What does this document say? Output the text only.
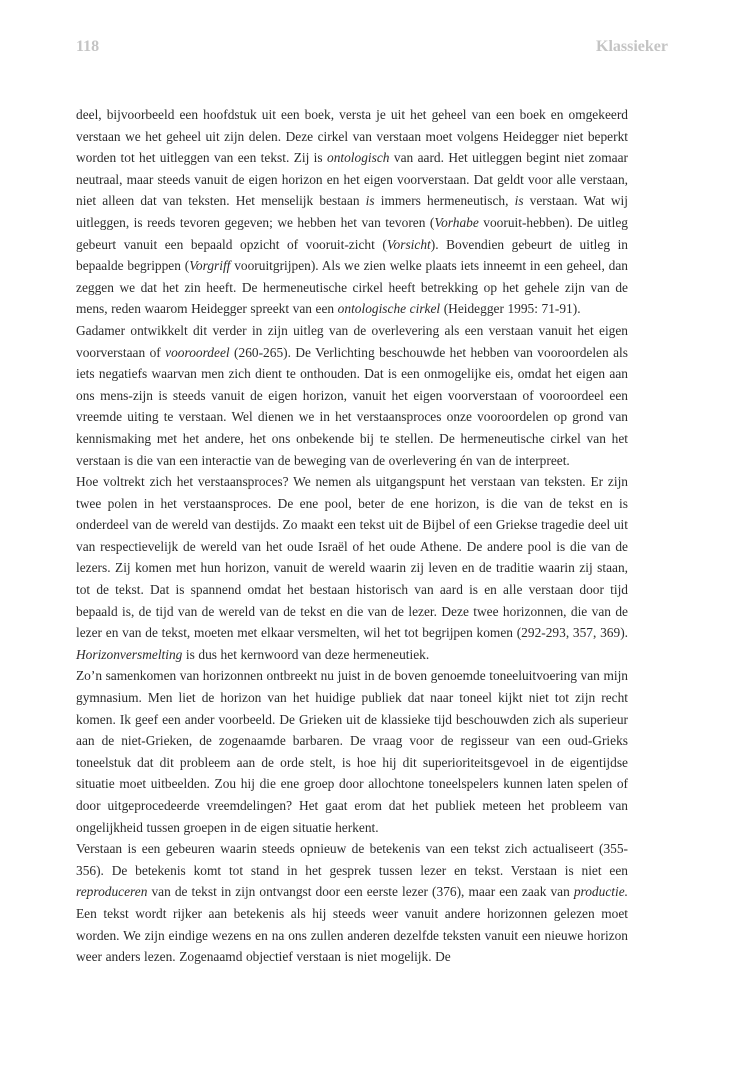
118	Klassieker

deel, bijvoorbeeld een hoofdstuk uit een boek, versta je uit het geheel van een boek en omgekeerd verstaan we het geheel uit zijn delen. Deze cirkel van verstaan moet volgens Heidegger niet beperkt worden tot het uitleggen van een tekst. Zij is ontologisch van aard. Het uitleggen begint niet zomaar neutraal, maar steeds vanuit de eigen horizon en het eigen voorverstaan. Dat geldt voor alle verstaan, niet alleen dat van teksten. Het menselijk bestaan is immers hermeneutisch, is verstaan. Wat wij uitleggen, is reeds tevoren gegeven; we hebben het van tevoren (Vorhabe vooruit-hebben). De uitleg gebeurt vanuit een bepaald opzicht of vooruit-zicht (Vorsicht). Bovendien gebeurt de uitleg in bepaalde begrippen (Vorgriff vooruitgrijpen). Als we zien welke plaats iets inneemt in een geheel, dan zeggen we dat het zin heeft. De hermeneutische cirkel heeft betrekking op het gehele zijn van de mens, reden waarom Heidegger spreekt van een ontologische cirkel (Heidegger 1995: 71-91).

Gadamer ontwikkelt dit verder in zijn uitleg van de overlevering als een verstaan vanuit het eigen voorverstaan of vooroordeel (260-265). De Verlichting beschouwde het hebben van vooroordelen als iets negatiefs waarvan men zich dient te onthouden. Dat is een onmogelijke eis, omdat het eigen aan ons mens-zijn is steeds vanuit de eigen horizon, vanuit het eigen voorverstaan of vooroordeel een vreemde uiting te verstaan. Wel dienen we in het verstaansproces onze vooroordelen op grond van kennismaking met het andere, het ons onbekende bij te stellen. De hermeneutische cirkel van het verstaan is die van een interactie van de beweging van de overlevering én van de interpreet.

Hoe voltrekt zich het verstaansproces? We nemen als uitgangspunt het verstaan van teksten. Er zijn twee polen in het verstaansproces. De ene pool, beter de ene horizon, is die van de tekst en is onderdeel van de wereld van destijds. Zo maakt een tekst uit de Bijbel of een Griekse tragedie deel uit van respectievelijk de wereld van het oude Israël of het oude Athene. De andere pool is die van de lezers. Zij komen met hun horizon, vanuit de wereld waarin zij leven en de traditie waarin zij staan, tot de tekst. Dat is spannend omdat het bestaan historisch van aard is en alle verstaan door tijd bepaald is, de tijd van de wereld van de tekst en die van de lezer. Deze twee horizonnen, die van de lezer en van de tekst, moeten met elkaar versmelten, wil het tot begrijpen komen (292-293, 357, 369). Horizonversmelting is dus het kernwoord van deze hermeneutiek.

Zo’n samenkomen van horizonnen ontbreekt nu juist in de boven genoemde toneeluitvoering van mijn gymnasium. Men liet de horizon van het huidige publiek dat naar toneel kijkt niet tot zijn recht komen. Ik geef een ander voorbeeld. De Grieken uit de klassieke tijd beschouwden zich als superieur aan de niet-Grieken, de zogenaamde barbaren. De vraag voor de regisseur van een oud-Grieks toneelstuk dat dit probleem aan de orde stelt, is hoe hij dit superioriteitsgevoel in de eigentijdse situatie moet uitbeelden. Zou hij die ene groep door allochtone toneelspelers kunnen laten spelen of door uitgeprocedeerde vreemdelingen? Het gaat erom dat het publiek meteen het probleem van ongelijkheid tussen groepen in de eigen situatie herkent.

Verstaan is een gebeuren waarin steeds opnieuw de betekenis van een tekst zich actualiseert (355-356). De betekenis komt tot stand in het gesprek tussen lezer en tekst. Verstaan is niet een reproduceren van de tekst in zijn ontvangst door een eerste lezer (376), maar een zaak van productie. Een tekst wordt rijker aan betekenis als hij steeds weer vanuit andere horizonnen gelezen moet worden. We zijn eindige wezens en na ons zullen anderen dezelfde teksten vanuit een nieuwe horizon weer anders lezen. Zogenaamd objectief verstaan is niet mogelijk. De
